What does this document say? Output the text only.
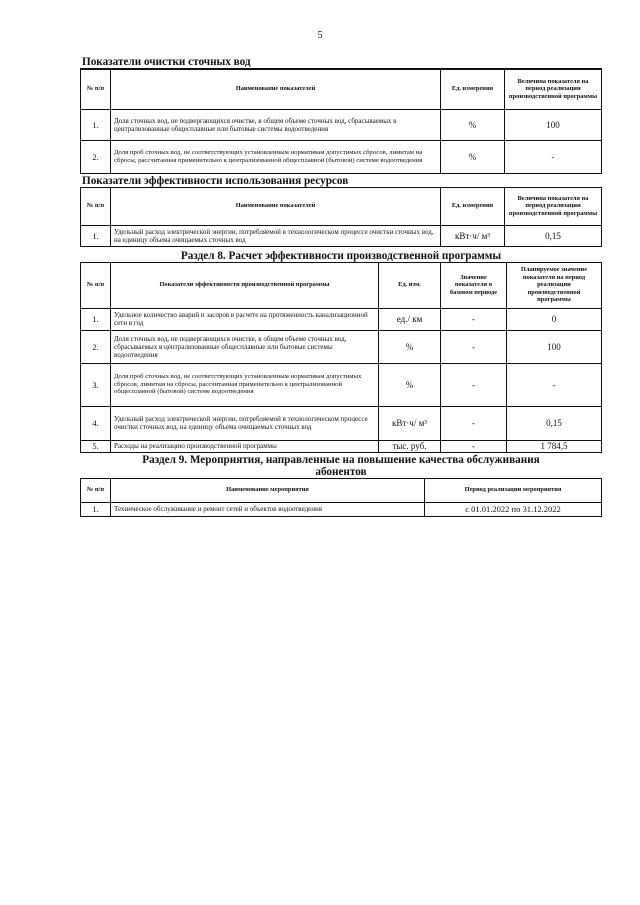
5
Показатели очистки сточных вод
№ п/п	Наименование показателей	Ед. измерения	Величина показателя на период реализации производственной программы
1.	Доля сточных вод, не подвергающихся очистке, в общем объеме сточных вод, сбрасываемых в централизованные общесплавные или бытовые системы водоотведения	%	100
2.	Доля проб сточных вод, не соответствующих установленным нормативам допустимых сбросов, лимитам на сбросы, рассчитанная применительно к централизованной общесплавной (бытовой) системе водоотведения	%	-
Показатели эффективности использования ресурсов
№ п/п	Наименование показателей	Ед. измерения	Величина показателя на период реализации производственной программы
1.	Удельный расход электрической энергии, потребляемой в технологическом процессе очистки сточных вод, на единицу объема очищаемых сточных вод	кВт·ч/ м³	0,15
Раздел 8. Расчет эффективности производственной программы
№ п/п	Показатели эффективности производственной программы	Ед. изм.	Значение показателя в базовом периоде	Планируемое значение показателя на период реализации производственной программы
1.	Удельное количество аварий и засоров в расчете на протяженность канализационной сети в год	ед./ км	-	0
2.	Доля сточных вод, не подвергающихся очистке, в общем объеме сточных вод, сбрасываемых в централизованные общесплавные или бытовые системы водоотведения	%	-	100
3.	Доля проб сточных вод, не соответствующих установленным нормативам допустимых сбросов, лимитам на сбросы, рассчитанная применительно к централизованной общесплавной (бытовой) системе водоотведения	%	-	-
4.	Удельный расход электрической энергии, потребляемой в технологическом процессе очистки сточных вод, на единицу объема очищаемых сточных вод	кВт·ч/ м³	-	0,15
5.	Расходы на реализацию производственной программы	тыс. руб.	-	1 784,5
Раздел 9. Мероприятия, направленные на повышение качества обслуживания
абонентов
№ п/п	Наименование мероприятия	Период реализации мероприятия
1.	Техническое обслуживание и ремонт сетей и объектов водоотведения	с 01.01.2022 по 31.12.2022
